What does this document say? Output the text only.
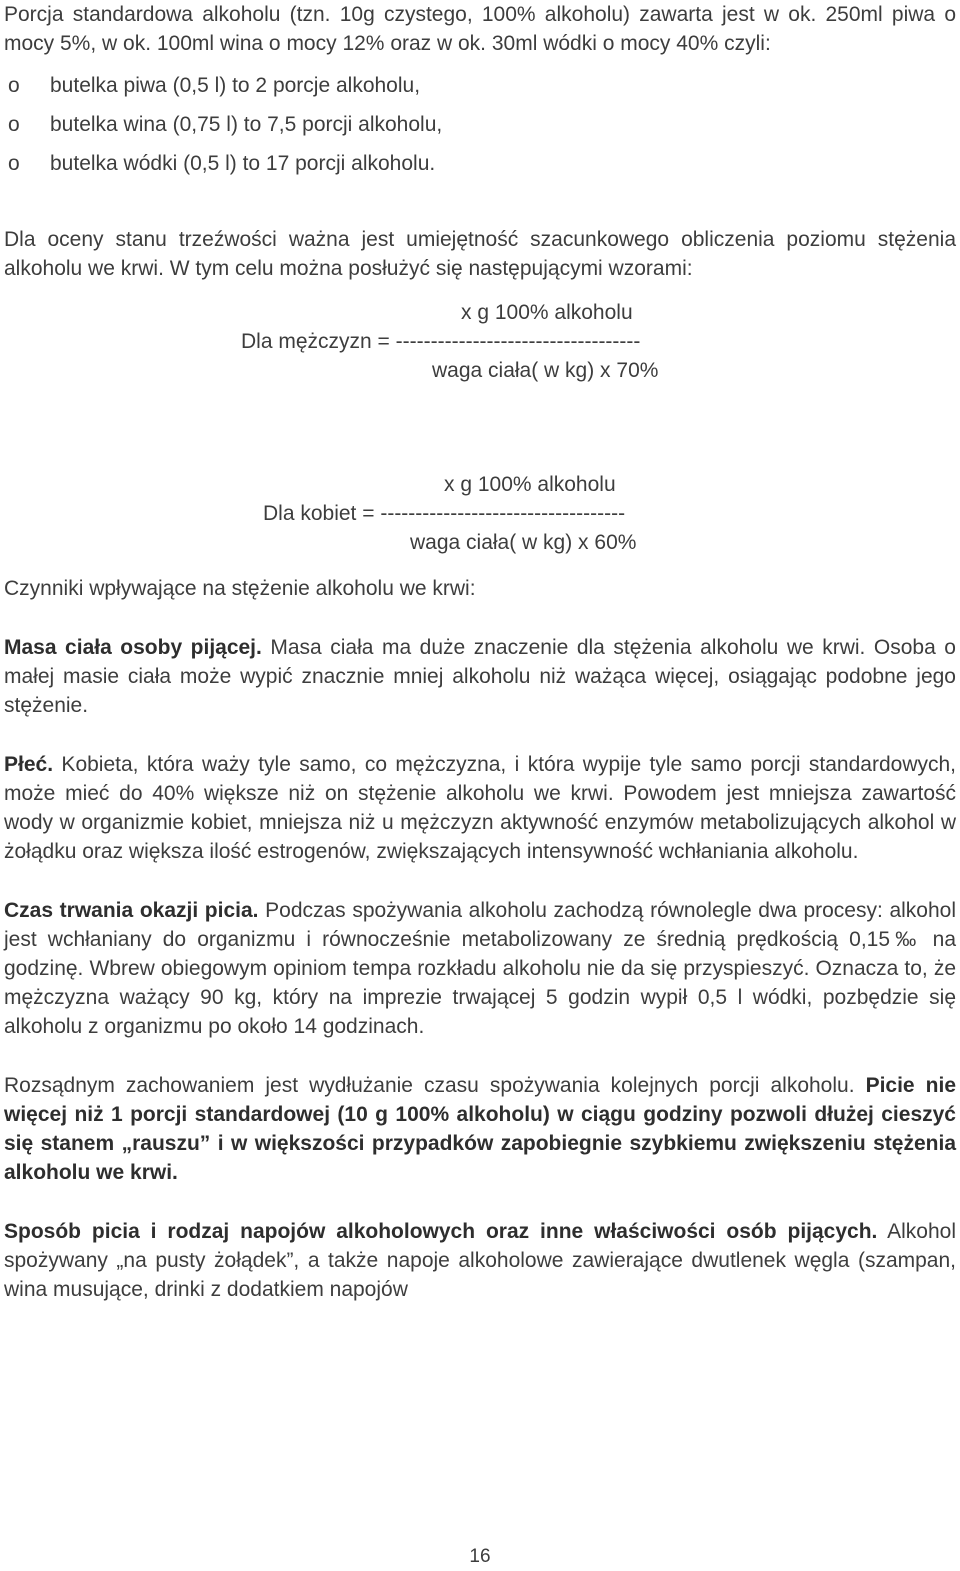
Porcja standardowa alkoholu (tzn. 10g czystego, 100% alkoholu) zawarta jest w ok. 250ml piwa o mocy 5%, w ok. 100ml wina o mocy 12% oraz w ok. 30ml wódki o mocy 40% czyli:

o butelka piwa (0,5 l) to 2 porcje alkoholu,
o butelka wina (0,75 l) to 7,5 porcji alkoholu,
o butelka wódki (0,5 l) to 17 porcji alkoholu.

Dla oceny stanu trzeźwości ważna jest umiejętność szacunkowego obliczenia poziomu stężenia alkoholu we krwi. W tym celu można posłużyć się następującymi wzorami:

x g 100% alkoholu
Dla mężczyzn = -----------------------------------
waga ciała( w kg) x 70%
x g 100% alkoholu
Dla kobiet = -----------------------------------
waga ciała( w kg) x 60%

Czynniki wpływające na stężenie alkoholu we krwi:

Masa ciała osoby pijącej. Masa ciała ma duże znaczenie dla stężenia alkoholu we krwi. Osoba o małej masie ciała może wypić znacznie mniej alkoholu niż ważąca więcej, osiągając podobne jego stężenie.

Płeć. Kobieta, która waży tyle samo, co mężczyzna, i która wypije tyle samo porcji standardowych, może mieć do 40% większe niż on stężenie alkoholu we krwi. Powodem jest mniejsza zawartość wody w organizmie kobiet, mniejsza niż u mężczyzn aktywność enzymów metabolizujących alkohol w żołądku oraz większa ilość estrogenów, zwiększających intensywność wchłaniania alkoholu.

Czas trwania okazji picia. Podczas spożywania alkoholu zachodzą równolegle dwa procesy: alkohol jest wchłaniany do organizmu i równocześnie metabolizowany ze średnią prędkością 0,15‰ na godzinę. Wbrew obiegowym opiniom tempa rozkładu alkoholu nie da się przyspieszyć. Oznacza to, że mężczyzna ważący 90 kg, który na imprezie trwającej 5 godzin wypił 0,5 l wódki, pozbędzie się alkoholu z organizmu po około 14 godzinach.

Rozsądnym zachowaniem jest wydłużanie czasu spożywania kolejnych porcji alkoholu. Picie nie więcej niż 1 porcji standardowej (10 g 100% alkoholu) w ciągu godziny pozwoli dłużej cieszyć się stanem „rauszu” i w większości przypadków zapobiegnie szybkiemu zwiększeniu stężenia alkoholu we krwi.

Sposób picia i rodzaj napojów alkoholowych oraz inne właściwości osób pijących. Alkohol spożywany „na pusty żołądek”, a także napoje alkoholowe zawierające dwutlenek węgla (szampan, wina musujące, drinki z dodatkiem napojów

16
